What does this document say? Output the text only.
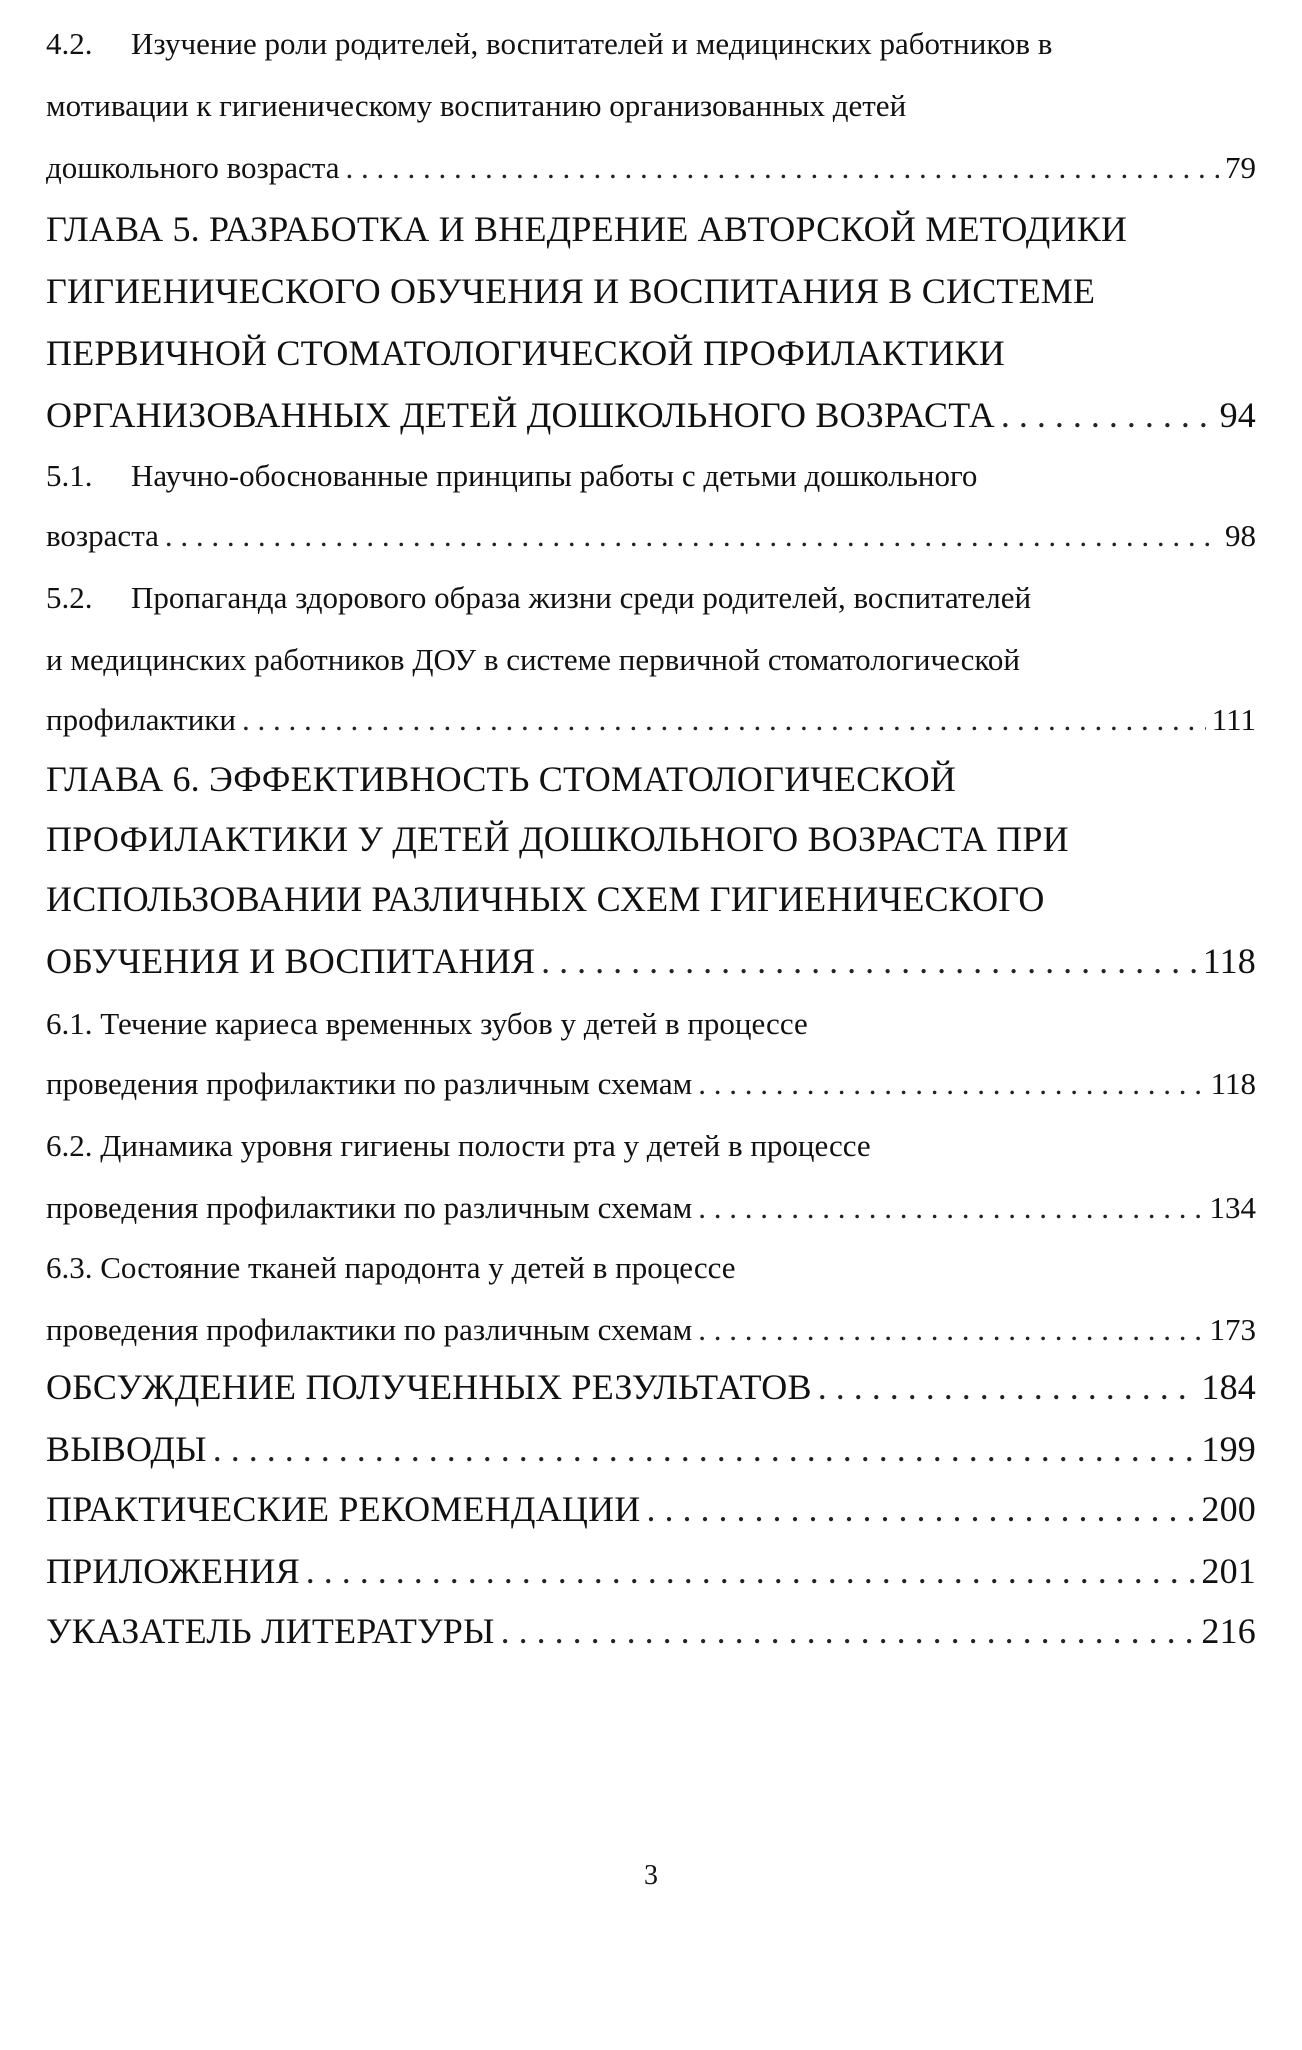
4.2.	Изучение роли родителей, воспитателей и медицинских работников в
мотивации к гигиеническому воспитанию организованных детей
дошкольного возраста . . .	79
ГЛАВА 5. РАЗРАБОТКА И ВНЕДРЕНИЕ АВТОРСКОЙ МЕТОДИКИ
ГИГИЕНИЧЕСКОГО ОБУЧЕНИЯ И ВОСПИТАНИЯ В СИСТЕМЕ
ПЕРВИЧНОЙ СТОМАТОЛОГИЧЕСКОЙ ПРОФИЛАКТИКИ
ОРГАНИЗОВАННЫХ ДЕТЕЙ ДОШКОЛЬНОГО ВОЗРАСТА . . .	94
5.1.	Научно-обоснованные принципы работы с детьми дошкольного
возраста . . .	98
5.2.	Пропаганда здорового образа жизни среди родителей, воспитателей
и медицинских работников ДОУ в системе первичной стоматологической
профилактики . . .	111
ГЛАВА 6. ЭФФЕКТИВНОСТЬ СТОМАТОЛОГИЧЕСКОЙ
ПРОФИЛАКТИКИ У ДЕТЕЙ ДОШКОЛЬНОГО ВОЗРАСТА ПРИ
ИСПОЛЬЗОВАНИИ РАЗЛИЧНЫХ СХЕМ ГИГИЕНИЧЕСКОГО
ОБУЧЕНИЯ И ВОСПИТАНИЯ . . .	118
6.1. Течение кариеса временных зубов у детей в процессе
проведения профилактики по различным схемам . . .	118
6.2. Динамика уровня гигиены полости рта у детей в процессе
проведения профилактики по различным схемам . . .	134
6.3. Состояние тканей пародонта у детей в процессе
проведения профилактики по различным схемам . . .	173
ОБСУЖДЕНИЕ ПОЛУЧЕННЫХ РЕЗУЛЬТАТОВ . . .	184
ВЫВОДЫ . . .	199
ПРАКТИЧЕСКИЕ РЕКОМЕНДАЦИИ . . .	200
ПРИЛОЖЕНИЯ . . .	201
УКАЗАТЕЛЬ ЛИТЕРАТУРЫ . . .	216
3
